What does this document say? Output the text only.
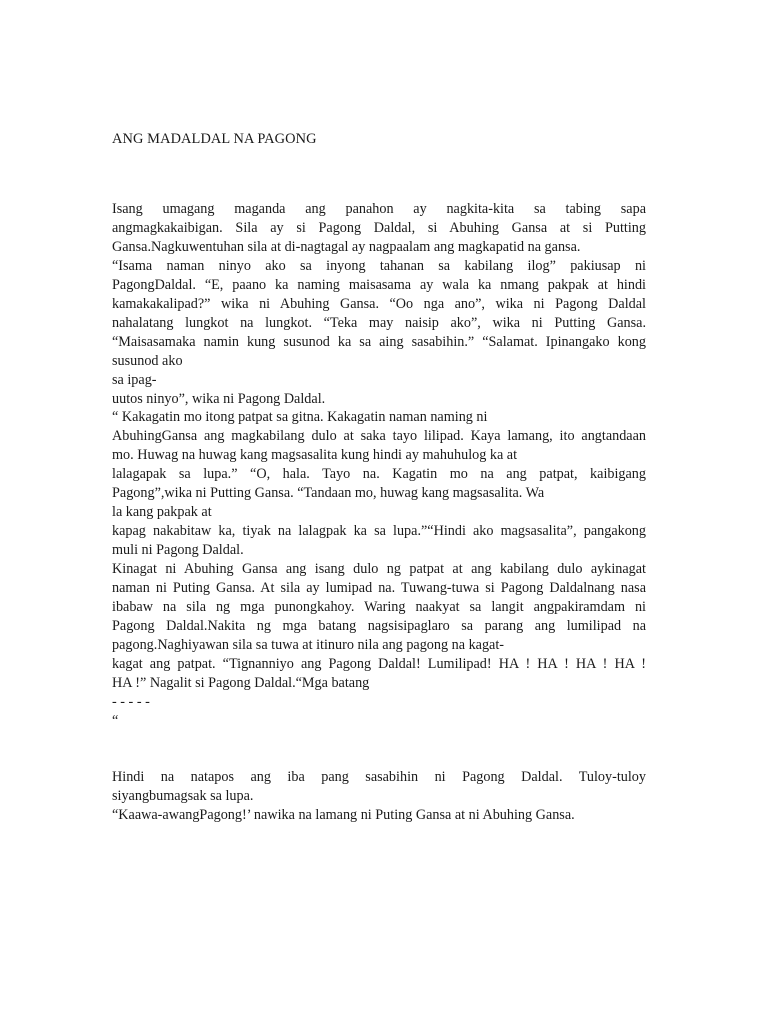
ANG MADALDAL NA PAGONG
Isang umagang maganda ang panahon ay nagkita-kita sa tabing sapa
angmagkakaibigan. Sila ay si Pagong Daldal, si Abuhing Gansa at si Putting
Gansa.Nagkuwentuhan sila at di-nagtagal ay nagpaalam ang magkapatid na gansa.
“Isama naman ninyo ako sa inyong tahanan sa kabilang ilog” pakiusap ni
PagongDaldal. “E, paano ka naming maisasama ay wala ka nmang pakpak at hindi
kamakakalipad?” wika ni Abuhing Gansa. “Oo nga ano”, wika ni Pagong Daldal
nahalatang lungkot na lungkot. “Teka may naisip ako”, wika ni Putting Gansa.
“Maisasamaka namin kung susunod ka sa aing sasabihin.” “Salamat. Ipinangako kong
susunod ako
sa ipag-
uutos ninyo”, wika ni Pagong Daldal.
“ Kakagatin mo itong patpat sa gitna. Kakagatin naman naming ni
AbuhingGansa ang magkabilang dulo at saka tayo lilipad. Kaya lamang, ito angtandaan
mo. Huwag na huwag kang magsasalita kung hindi ay mahuhulog ka at
lalagapak sa lupa.” “O, hala. Tayo na. Kagatin mo na ang patpat, kaibigang
Pagong”,wika ni Putting Gansa. “Tandaan mo, huwag kang magsasalita. Wa
la kang pakpak at
kapag nakabitaw ka, tiyak na lalagpak ka sa lupa.”“Hindi ako magsasalita”, pangakong
muli ni Pagong Daldal.
Kinagat ni Abuhing Gansa ang isang dulo ng patpat at ang kabilang dulo aykinagat
naman ni Puting Gansa. At sila ay lumipad na. Tuwang-tuwa si Pagong Daldalnang nasa
ibabaw na sila ng mga punongkahoy. Waring naakyat sa langit angpakiramdam ni
Pagong Daldal.Nakita ng mga batang nagsisipaglaro sa parang ang lumilipad na
pagong.Naghiyawan sila sa tuwa at itinuro nila ang pagong na kagat-
kagat ang patpat. “Tignanniyo ang Pagong Daldal! Lumilipad! HA ! HA ! HA ! HA !
HA !” Nagalit si Pagong Daldal.“Mga batang
- - - - -
“
Hindi na natapos ang iba pang sasabihin ni Pagong Daldal. Tuloy-tuloy
siyangbumagsak sa lupa.
“Kaawa-awangPagong!’ nawika na lamang ni Puting Gansa at ni Abuhing Gansa.
